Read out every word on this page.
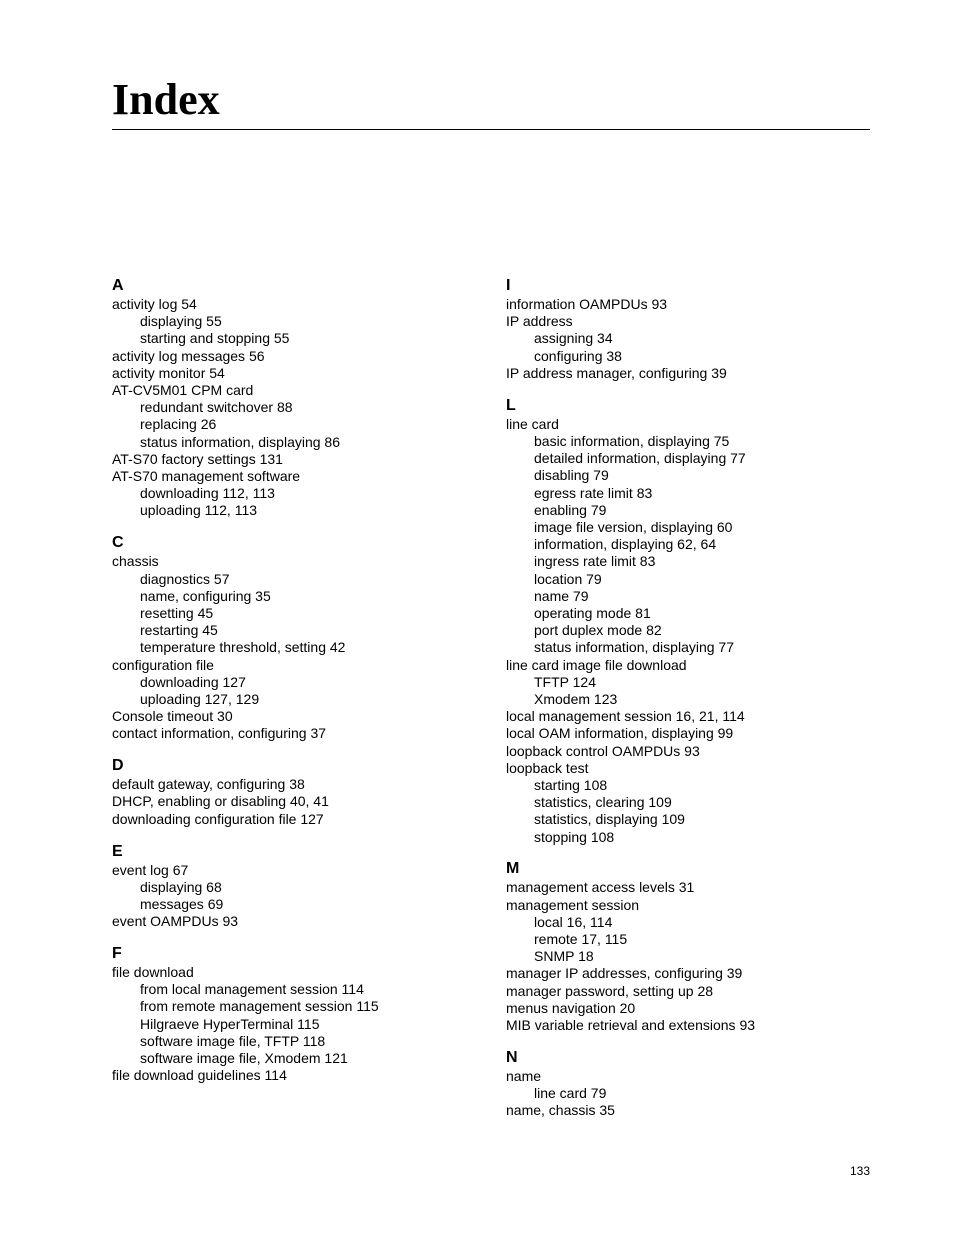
Index
A
activity log 54
displaying 55
starting and stopping 55
activity log messages 56
activity monitor 54
AT-CV5M01 CPM card
redundant switchover 88
replacing 26
status information, displaying 86
AT-S70 factory settings 131
AT-S70 management software
downloading 112, 113
uploading 112, 113
C
chassis
diagnostics 57
name, configuring 35
resetting 45
restarting 45
temperature threshold, setting 42
configuration file
downloading 127
uploading 127, 129
Console timeout 30
contact information, configuring 37
D
default gateway, configuring 38
DHCP, enabling or disabling 40, 41
downloading configuration file 127
E
event log 67
displaying 68
messages 69
event OAMPDUs 93
F
file download
from local management session 114
from remote management session 115
Hilgraeve HyperTerminal 115
software image file, TFTP 118
software image file, Xmodem 121
file download guidelines 114
I
information OAMPDUs 93
IP address
assigning 34
configuring 38
IP address manager, configuring 39
L
line card
basic information, displaying 75
detailed information, displaying 77
disabling 79
egress rate limit 83
enabling 79
image file version, displaying 60
information, displaying 62, 64
ingress rate limit 83
location 79
name 79
operating mode 81
port duplex mode 82
status information, displaying 77
line card image file download
TFTP 124
Xmodem 123
local management session 16, 21, 114
local OAM information, displaying 99
loopback control OAMPDUs 93
loopback test
starting 108
statistics, clearing 109
statistics, displaying 109
stopping 108
M
management access levels 31
management session
local 16, 114
remote 17, 115
SNMP 18
manager IP addresses, configuring 39
manager password, setting up 28
menus navigation 20
MIB variable retrieval and extensions 93
N
name
line card 79
name, chassis 35
133
